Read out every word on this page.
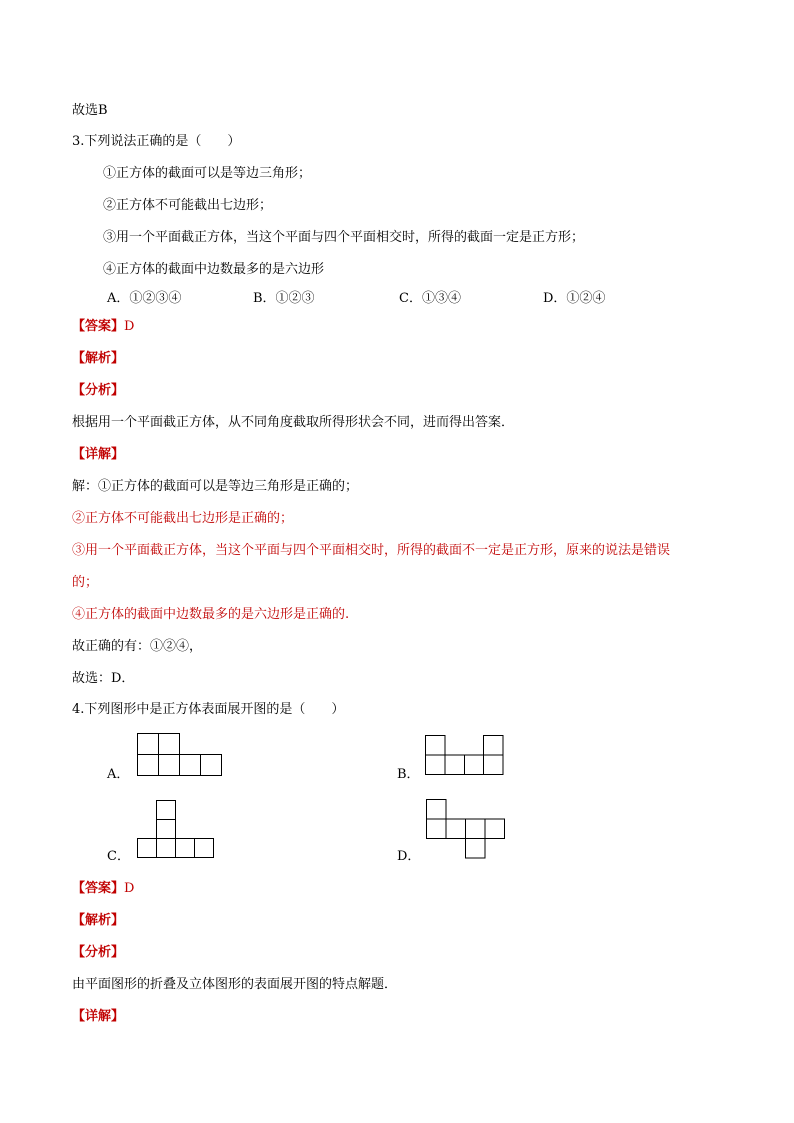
故选B
3.下列说法正确的是（　　）
①正方体的截面可以是等边三角形；
②正方体不可能截出七边形；
③用一个平面截正方体，当这个平面与四个平面相交时，所得的截面一定是正方形；
④正方体的截面中边数最多的是六边形
A．①②③④	B．①②③	C．①③④	D．①②④
【答案】D
【解析】
【分析】
根据用一个平面截正方体，从不同角度截取所得形状会不同，进而得出答案．
【详解】
解：①正方体的截面可以是等边三角形是正确的；
②正方体不可能截出七边形是正确的；
③用一个平面截正方体，当这个平面与四个平面相交时，所得的截面不一定是正方形，原来的说法是错误
的；
④正方体的截面中边数最多的是六边形是正确的.
故正确的有：①②④，
故选：D．
4.下列图形中是正方体表面展开图的是（　　）
A．	B．
C．	D．
【答案】D
【解析】
【分析】
由平面图形的折叠及立体图形的表面展开图的特点解题．
【详解】
